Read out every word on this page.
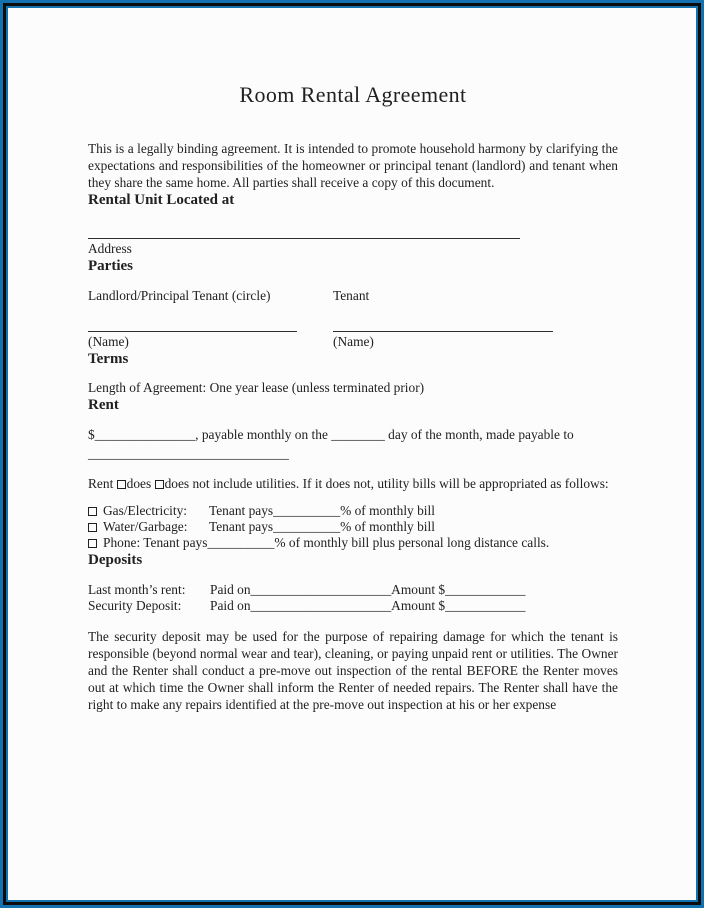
Room Rental Agreement

This is a legally binding agreement. It is intended to promote household harmony by clarifying the expectations and responsibilities of the homeowner or principal tenant (landlord) and tenant when they share the same home. All parties shall receive a copy of this document.

Rental Unit Located at
Address
Parties
Landlord/Principal Tenant (circle)
(Name)
Tenant
(Name)
Terms

Length of Agreement: One year lease (unless terminated prior)

Rent

$_______________, payable monthly on the ________ day of the month, made payable to

______________________________

Rent does does not include utilities. If it does not, utility bills will be appropriated as follows:

Gas/Electricity:	Tenant pays __________ % of monthly bill
Water/Garbage:	Tenant pays __________ % of monthly bill
Phone: Tenant pays __________ % of monthly bill plus personal long distance calls.
Deposits
Last month’s rent:	Paid on _____________________ Amount $ ____________
Security Deposit:	Paid on _____________________ Amount $ ____________

The security deposit may be used for the purpose of repairing damage for which the tenant is responsible (beyond normal wear and tear), cleaning, or paying unpaid rent or utilities. The Owner and the Renter shall conduct a pre-move out inspection of the rental BEFORE the Renter moves out at which time the Owner shall inform the Renter of needed repairs. The Renter shall have the right to make any repairs identified at the pre-move out inspection at his or her expense
